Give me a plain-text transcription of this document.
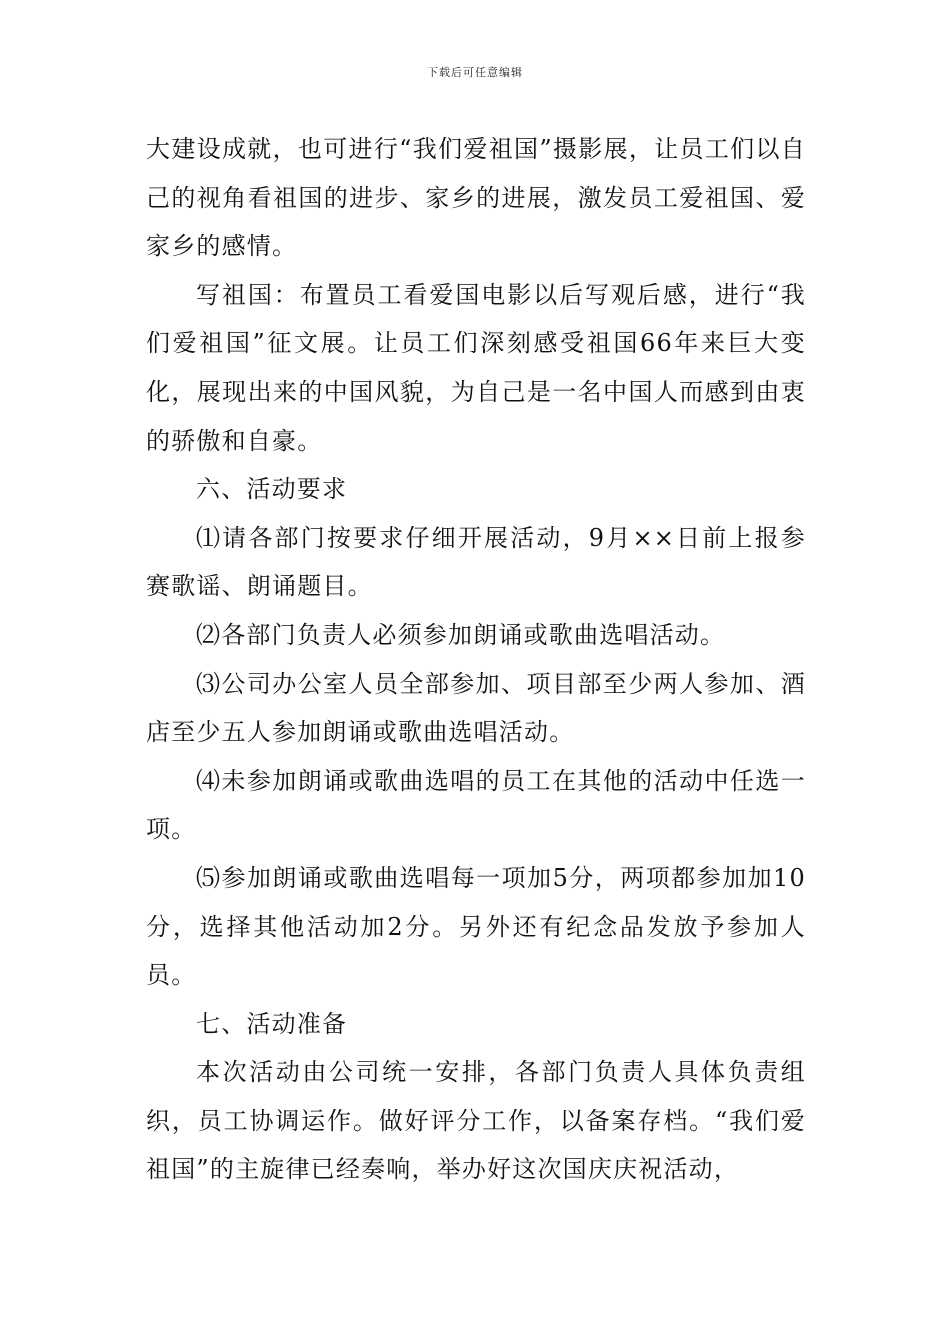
下载后可任意编辑

大建设成就，也可进行“我们爱祖国”摄影展，让员工们以自己的视角看祖国的进步、家乡的进展，激发员工爱祖国、爱家乡的感情。

写祖国：布置员工看爱国电影以后写观后感，进行“我们爱祖国”征文展。让员工们深刻感受祖国66年来巨大变化，展现出来的中国风貌，为自己是一名中国人而感到由衷的骄傲和自豪。

六、活动要求

⑴请各部门按要求仔细开展活动，9月××日前上报参赛歌谣、朗诵题目。

⑵各部门负责人必须参加朗诵或歌曲选唱活动。

⑶公司办公室人员全部参加、项目部至少两人参加、酒店至少五人参加朗诵或歌曲选唱活动。

⑷未参加朗诵或歌曲选唱的员工在其他的活动中任选一项。

⑸参加朗诵或歌曲选唱每一项加5分，两项都参加加10分，选择其他活动加2分。另外还有纪念品发放予参加人员。

七、活动准备

本次活动由公司统一安排，各部门负责人具体负责组织，员工协调运作。做好评分工作，以备案存档。“我们爱祖国”的主旋律已经奏响，举办好这次国庆庆祝活动，
